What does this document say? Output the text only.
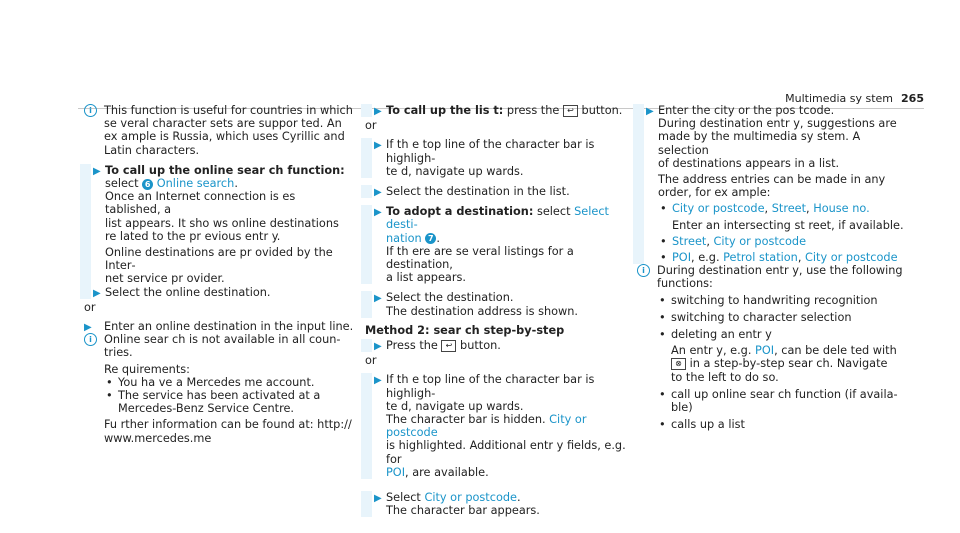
Multimedia sy stem 265
i	This function is useful for countries in which

se veral character sets are suppor ted. An

ex ample is Russia, which uses Cyrillic and

Latin characters.

▶ To call up the online sear ch function:

select 6 Online search.

Once an Internet connection is es tablished, a

list appears. It sho ws online destinations

re lated to the pr evious entr y.

Online destinations are pr ovided by the Inter‐

net service pr ovider.

▶ Select the online destination.

or

▶ Enter an online destination in the input line.

i	Online sear ch is not available in all coun‐

tries.

Re quirements:

• You ha ve a Mercedes me account.

• The service has been activated at a

Mercedes-Benz Service Centre.

Fu rther information can be found at: http://

www.mercedes.me

▶ To call up the lis t: press the ↩ button.

or

▶ If th e top line of the character bar is highligh‐

te d, navigate up wards.

▶ Select the destination in the list.

▶ To adopt a destination: select Select desti‐

nation 7 .

If th ere are se veral listings for a destination,

a list appears.

▶ Select the destination.

The destination address is shown.

Method 2: sear ch step-by-step

▶ Press the ↩ button.

or

▶ If th e top line of the character bar is highligh‐

te d, navigate up wards.

The character bar is hidden. City or postcode

is highlighted. Additional entr y fields, e.g. for

POI, are available.

▶ Select City or postcode.

The character bar appears.

▶ Enter the city or the pos tcode.

During destination entr y, suggestions are

made by the multimedia sy stem. A selection

of destinations appears in a list.

The address entries can be made in any

order, for ex ample:

• City or postcode, Street, House no.

Enter an intersecting st reet, if available.

• Street, City or postcode

• POI, e.g. Petrol station, City or postcode

i	During destination entr y, use the following

functions:

• switching to handwriting recognition

• switching to character selection

• deleting an entr y

An entr y, e.g. POI, can be dele ted with

⊗ in a step-by-step sear ch. Navigate

to the left to do so.

• call up online sear ch function (if availa‐

ble)

• calls up a list
